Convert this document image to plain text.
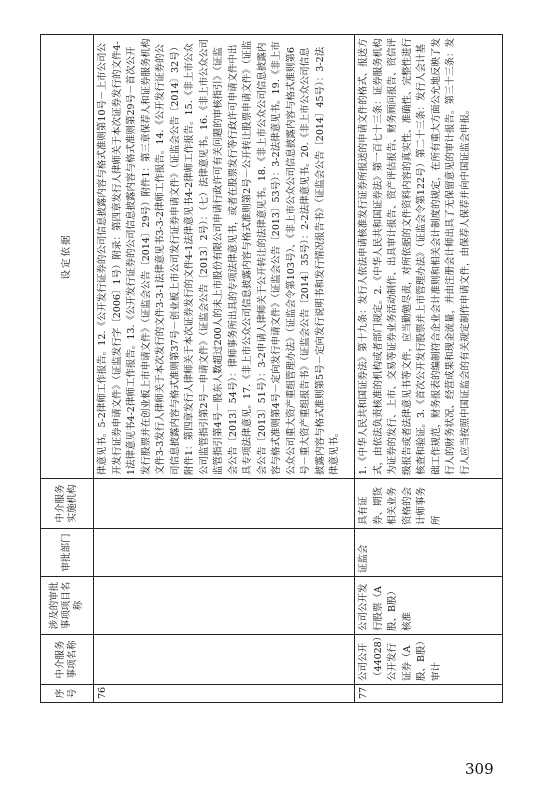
序号	中介服务事项名称	涉及的审批事项项目名称	审批部门	中介服务实施机构	设定依据
76					律意见书。5-2律师工作报告。12.《公开发行证券的公司信息披露内容与格式准则第10号－上市公司公开发行证券申请文件》（证监发行字〔2006〕1号）附录：第四章发行人律师关于本次证券发行的文件4-1法律意见书4-2律师工作报告。13.《公开发行证券的公司信息披露内容与格式准则第29号－首次公开发行股票并在创业板上市申请文件》（证监会公告〔2014〕29号）附件1：第三章保荐人和证券服务机构文件3-3发行人律师关于本次发行的文件3-3-1法律意见书3-3-2律师工作报告。14.《公开发行证券的公司信息披露内容与格式准则第37号－创业板上市公司发行证券申请文件》（证监会公告〔2014〕32号）附件1：第四章发行人律师关于本次证券发行的文件4-1法律意见书4-2律师工作报告。15.《非上市公众公司监管指引第2号－申请文件》（证监会公告〔2013〕2号）：（七）法律意见书。16.《非上市公众公司监管指引第4号－股东人数超过200人的未上市股份有限公司申请行政许可有关问题的审核指引》（证监会公告〔2013〕54号）：律师事务所出具的专项法律意见书，或者在股票发行等行政许可申请文件中出具专项法律意见。17.《非上市公众公司信息披露内容与格式准则第2号－公开转让股票申请文件》（证监会公告〔2013〕51号）：3-2申请人律师关于公开转让的法律意见书。18.《非上市公众公司信息披露内容与格式准则第4号－定向发行申请文件》（证监会公告〔2013〕53号）：3-2法律意见书。19.《非上市公众公司重大资产重组管理办法》（证监会令第103号）、《非上市公众公司信息披露内容与格式准则第6号－重大资产重组报告书》（证监会公告〔2014〕35号）：2-2法律意见书。20.《非上市公众公司信息披露内容与格式准则第5号－定向发行说明书和发行情况报告书》（证监会公告〔2014〕45号）：3-2法律意见书。
77	公司公开（44028）公开发行证券（A股、B股）审计	公司公开发行股票（A股、B股）核准	证监会	具有证券、期货相关业务资格的会计师事务所	1.《中华人民共和国证券法》第十九条：发行人依法申请核准发行证券所报送的申请文件的格式、报送方式，由依法负责核准的机构或者部门规定。2.《中华人民共和国证券法》第一百七十三条：证券服务机构为证券的发行、上市、交易等证券业务活动制作、出具审计报告、资产评估报告、财务顾问报告、资信评级报告或者法律意见书等文件，应当勤勉尽责，对所依据的文件资料内容的真实性、准确性、完整性进行核查和验证。3.《首次公开发行股票并上市管理办法》（证监会令第122号）第二十三条：发行人会计基础工作规范，财务报表的编制符合企业会计准则和相关会计制度的规定，在所有重大方面公允地反映了发行人的财务状况、经营成果和现金流量，并由注册会计师出具了无保留意见的审计报告。第三十三条：发行人应当按照中国证监会的有关规定制作申请文件，由保荐人保荐并向中国证监会申报。
309
